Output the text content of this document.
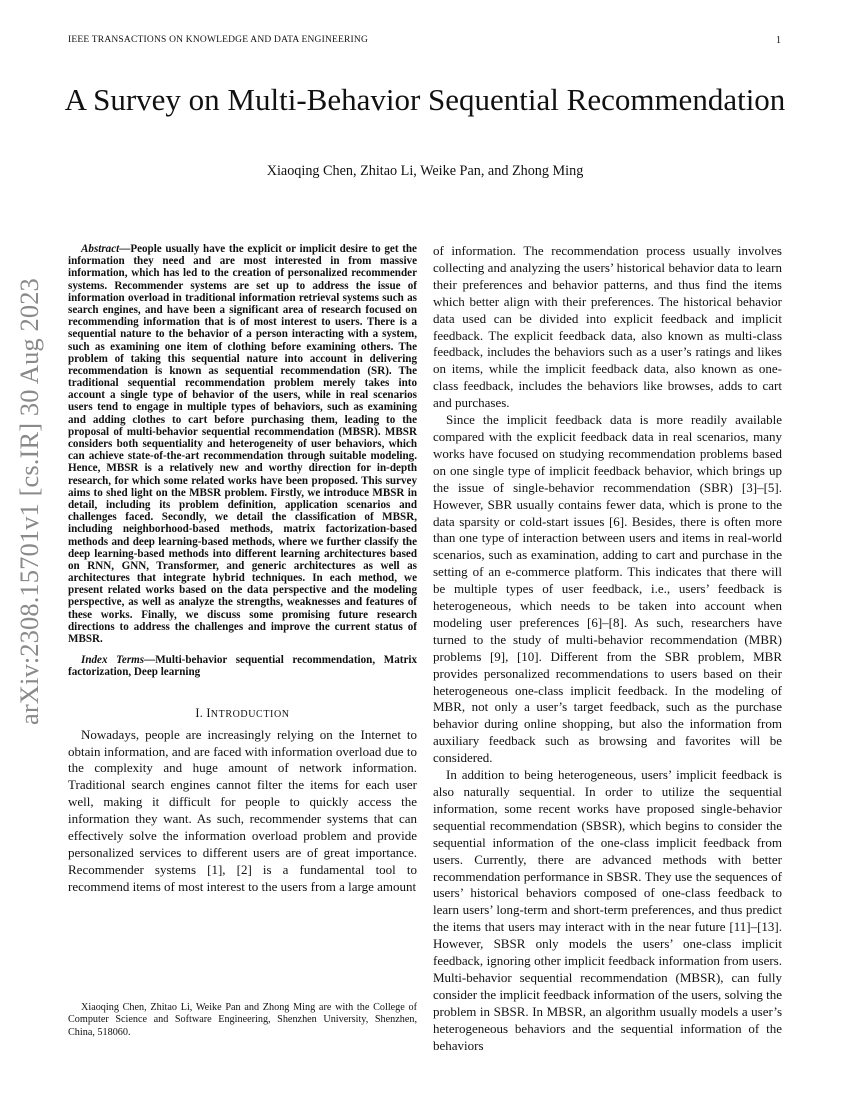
IEEE TRANSACTIONS ON KNOWLEDGE AND DATA ENGINEERING	1
arXiv:2308.15701v1 [cs.IR] 30 Aug 2023
A Survey on Multi-Behavior Sequential Recommendation
Xiaoqing Chen, Zhitao Li, Weike Pan, and Zhong Ming

Abstract—People usually have the explicit or implicit desire to get the information they need and are most interested in from massive information, which has led to the creation of personalized recommender systems. Recommender systems are set up to address the issue of information overload in traditional information retrieval systems such as search engines, and have been a significant area of research focused on recommending information that is of most interest to users. There is a sequential nature to the behavior of a person interacting with a system, such as examining one item of clothing before examining others. The problem of taking this sequential nature into account in delivering recommendation is known as sequential recommendation (SR). The traditional sequential recommendation problem merely takes into account a single type of behavior of the users, while in real scenarios users tend to engage in multiple types of behaviors, such as examining and adding clothes to cart before purchasing them, leading to the proposal of multi-behavior sequential recommendation (MBSR). MBSR considers both sequentiality and heterogeneity of user behaviors, which can achieve state-of-the-art recommendation through suitable modeling. Hence, MBSR is a relatively new and worthy direction for in-depth research, for which some related works have been proposed. This survey aims to shed light on the MBSR problem. Firstly, we introduce MBSR in detail, including its problem definition, application scenarios and challenges faced. Secondly, we detail the classification of MBSR, including neighborhood-based methods, matrix factorization-based methods and deep learning-based methods, where we further classify the deep learning-based methods into different learning architectures based on RNN, GNN, Transformer, and generic architectures as well as architectures that integrate hybrid techniques. In each method, we present related works based on the data perspective and the modeling perspective, as well as analyze the strengths, weaknesses and features of these works. Finally, we discuss some promising future research directions to address the challenges and improve the current status of MBSR.

Index Terms—Multi-behavior sequential recommendation, Matrix factorization, Deep learning

I. INTRODUCTION

Nowadays, people are increasingly relying on the Internet to obtain information, and are faced with information overload due to the complexity and huge amount of network information. Traditional search engines cannot filter the items for each user well, making it difficult for people to quickly access the information they want. As such, recommender systems that can effectively solve the information overload problem and provide personalized services to different users are of great importance. Recommender systems [1], [2] is a fundamental tool to recommend items of most interest to the users from a large amount

Xiaoqing Chen, Zhitao Li, Weike Pan and Zhong Ming are with the College of Computer Science and Software Engineering, Shenzhen University, Shenzhen, China, 518060.

of information. The recommendation process usually involves collecting and analyzing the users’ historical behavior data to learn their preferences and behavior patterns, and thus find the items which better align with their preferences. The historical behavior data used can be divided into explicit feedback and implicit feedback. The explicit feedback data, also known as multi-class feedback, includes the behaviors such as a user’s ratings and likes on items, while the implicit feedback data, also known as one-class feedback, includes the behaviors like browses, adds to cart and purchases.

Since the implicit feedback data is more readily available compared with the explicit feedback data in real scenarios, many works have focused on studying recommendation problems based on one single type of implicit feedback behavior, which brings up the issue of single-behavior recommendation (SBR) [3]–[5]. However, SBR usually contains fewer data, which is prone to the data sparsity or cold-start issues [6]. Besides, there is often more than one type of interaction between users and items in real-world scenarios, such as examination, adding to cart and purchase in the setting of an e-commerce platform. This indicates that there will be multiple types of user feedback, i.e., users’ feedback is heterogeneous, which needs to be taken into account when modeling user preferences [6]–[8]. As such, researchers have turned to the study of multi-behavior recommendation (MBR) problems [9], [10]. Different from the SBR problem, MBR provides personalized recommendations to users based on their heterogeneous one-class implicit feedback. In the modeling of MBR, not only a user’s target feedback, such as the purchase behavior during online shopping, but also the information from auxiliary feedback such as browsing and favorites will be considered.

In addition to being heterogeneous, users’ implicit feedback is also naturally sequential. In order to utilize the sequential information, some recent works have proposed single-behavior sequential recommendation (SBSR), which begins to consider the sequential information of the one-class implicit feedback from users. Currently, there are advanced methods with better recommendation performance in SBSR. They use the sequences of users’ historical behaviors composed of one-class feedback to learn users’ long-term and short-term preferences, and thus predict the items that users may interact with in the near future [11]–[13]. However, SBSR only models the users’ one-class implicit feedback, ignoring other implicit feedback information from users. Multi-behavior sequential recommendation (MBSR), can fully consider the implicit feedback information of the users, solving the problem in SBSR. In MBSR, an algorithm usually models a user’s heterogeneous behaviors and the sequential information of the behaviors
